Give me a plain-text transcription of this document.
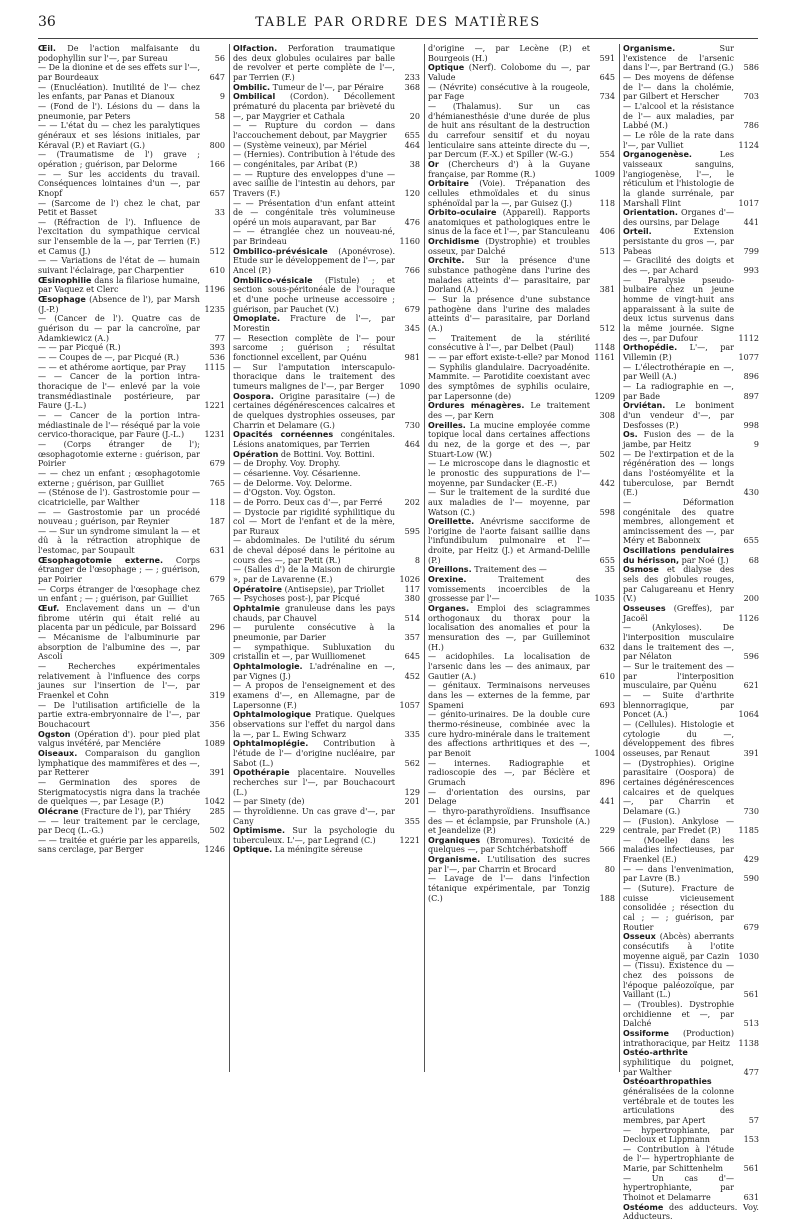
36	TABLE PAR ORDRE DES MATIÈRES
Œil. De l'action malfaisante du podophyllin sur l'—, par Sureau	56
— De la dionine et de ses effets sur l'—, par Bourdeaux	647
— (Enucléation). Inutilité de l'— chez les enfants, par Panas et Dianoux	9
— (Fond de l'). Lésions du — dans la pneumonie, par Peters	58
— — L'état du — chez les paralytiques généraux et ses lésions initiales, par Kéraval (P.) et Raviart (G.)	800
— (Traumatisme de l') grave ; opération ; guérison, par Delorme	166
— — Sur les accidents du travail. Conséquences lointaines d'un —, par Knopf	657
— (Sarcome de l') chez le chat, par Petit et Basset	33
— (Réfraction de l'). Influence de l'excitation du sympathique cervical sur l'ensemble de la —, par Terrien (F.) et Camus (J.)	512
— — Variations de l'état de — humain suivant l'éclairage, par Charpentier	610
Œsinophilie dans la filariose humaine, par Vaquez et Clerc	1196
Œsophage (Absence de l'), par Marsh (J.-P.)	1235
— (Cancer de l'). Quatre cas de guérison du — par la cancroïne, par Adamkiewicz (A.)	77
— — par Picqué (R.)	393
— — Coupes de —, par Picqué (R.)	536
— — et athérome aortique, par Pray	1115
— — Cancer de la portion intra-thoracique de l'— enlevé par la voie transmédiastinale postérieure, par Faure (J.-L.)	1221
— — Cancer de la portion intra-médiastinale de l'— réséqué par la voie cervico-thoracique, par Faure (J.-L.)	1231
— (Corps étranger de l'); œsophagotomie externe : guérison, par Poirier	679
— — chez un enfant ; œsophagotomie externe ; guérison, par Guilliet	765
— (Sténose de l'). Gastrostomie pour — cicatricielle, par Walther	118
— — Gastrostomie par un procédé nouveau ; guérison, par Reynier	187
— — Sur un syndrome simulant la — et dû à la rétraction atrophique de l'estomac, par Soupault	631
Œsophagotomie externe. Corps étranger de l'œsophage ; — ; guérison, par Poirier	679
— Corps étranger de l'œsophage chez un enfant ; — ; guérison, par Guilliet	765
Œuf. Enclavement dans un — d'un fibrome utérin qui était relié au placenta par un pédicule, par Boissard	296
— Mécanisme de l'albuminurie par absorption de l'albumine des —, par Ascoli	309
— Recherches expérimentales relativement à l'influence des corps jaunes sur l'insertion de l'—, par Fraenkel et Cohn	319
— De l'utilisation artificielle de la partie extra-embryonnaire de l'—, par Bouchacourt	356
Ogston (Opération d'). pour pied plat valgus invétéré, par Menciére	1089
Oiseaux. Comparaison du ganglion lymphatique des mammifères et des —, par Retterer	391
— Germination des spores de Sterigmatocystis nigra dans la trachée de quelques —, par Lesage (P.)	1042
Olécrane (Fracture de l'), par Thiéry	285
— — leur traitement par le cerclage, par Decq (L.-G.)	502
— — traitée et guérie par les appareils, sans cerclage, par Berger	1246
Olfaction. Perforation traumatique des deux globules oculaires par balle de revolver et perte complète de l'—, par Terrien (F.)	233
Ombilic. Tumeur de l'—, par Péraire	368
Ombilical (Cordon). Décollement prématuré du placenta par brièveté du —, par Maygrier et Cathala	20
— — Rupture du cordon — dans l'accouchement debout, par Maygrier	655
— (Système veineux), par Mériel	464
— (Hernies). Contribution à l'étude des — congénitales, par Aribat (P.)	38
— — Rupture des enveloppes d'une — avec saillie de l'intestin au dehors, par Travers (F.)	120
— — Présentation d'un enfant atteint de — congénitale très volumineuse opéré un mois auparavant, par Bar	476
— — étranglée chez un nouveau-né, par Brindeau	1160
Ombilico-prévésicale (Aponévrose). Etude sur le développement de l'—, par Ancel (P.)	766
Ombilico-vésicale (Fistule) ; et section sous-péritonéale de l'ouraque et d'une poche urineuse accessoire ; guérison, par Pauchet (V.)	679
Omoplate. Fracture de l'—, par Morestin	345
— Resection complète de l'— pour sarcome ; guérison ; résultat fonctionnel excellent, par Quénu	981
— Sur l'amputation interscapulo-thoracique dans le traitement des tumeurs malignes de l'—, par Berger	1090
Oospora. Origine parasitaire (—) de certaines dégénérescences calcaires et de quelques dystrophies osseuses, par Charrin et Delamare (G.)	730
Opacités cornéennes congénitales. Lésions anatomiques, par Terrien	464
Opération de Bottini. Voy. Bottini.
— de Drophy. Voy. Drophy.
— césarienne. Voy. Césarienne.
— de Delorme. Voy. Delorme.
— d'Ogston. Voy. Ogston.
— de Porro. Deux cas d'—, par Ferré	202
— Dystocie par rigidité syphilitique du col — Mort de l'enfant et de la mère, par Ruraux	595
— abdominales. De l'utilité du sérum de cheval déposé dans le péritoine au cours des —, par Petit (R.)	8
— (Salles d') de la Maison de chirurgie », par de Lavarenne (E.)	1026
Opératoire (Antisepsie), par Triollet	117
— Psychoses post-), par Picqué	380
Ophtalmie granuleuse dans les pays chauds, par Chauvel	514
— purulente consécutive à la pneumonie, par Darier	357
— sympathique. Subluxation du cristallin et —, par Wuilliomenet	645
Ophtalmologie. L'adrénaline en —, par Vignes (J.)	452
— A propos de l'enseignement et des examens d'—, en Allemagne, par de Lapersonne (F.)	1057
Ophtalmologique Pratique. Quelques observations sur l'effet du nargol dans la —, par L. Ewing Schwarz	335
Ophtalmoplégie. Contribution à l'étude de l'— d'origine nucléaire, par Sabot (L.)	562
Opothérapie placentaire. Nouvelles recherches sur l'—, par Bouchacourt (L.)	129
— par Sinety (de)	201
— thyroïdienne. Un cas grave d'—, par Cany	355
Optimisme. Sur la psychologie du tuberculeux. L'—, par Legrand (C.)	1221
Optique. La méningite séreuse
d'origine —, par Lecène (P.) et Bourgeois (H.)	591
Optique (Nerf). Colobome du —, par Valude	645
— (Névrite) consécutive à la rougeole, par Fage	734
— (Thalamus). Sur un cas d'hémianesthésie d'une durée de plus de huit ans résultant de la destruction du carrefour sensitif et du noyau lenticulaire sans atteinte directe du —, par Dercum (F.-X.) et Spiller (W.-G.)	554
Or (Chercheurs d') à la Guyane française, par Romme (R.)	1009
Orbitaire (Voie). Trépanation des cellules ethmoïdales et du sinus sphénoïdal par la —, par Guisez (J.)	118
Orbito-oculaire (Appareil). Rapports anatomiques et pathologiques entre le sinus de la face et l'—, par Stanculeanu	406
Orchidisme (Dystrophie) et troubles osseux, par Dalché	513
Orchite. Sur la présence d'une substance pathogène dans l'urine des malades atteints d'— parasitaire, par Dorland (A.)	381
— Sur la présence d'une substance pathogène dans l'urine des malades atteints d'— parasitaire, par Dorland (A.)	512
— Traitement de la stérilité consécutive à l'—, par Delbet (Paul)	1148
— — par effort existe-t-elle? par Monod 1161
— Syphilis glandulaire. Dacryoadénite. Mammite. — Parotidite coexistant avec des symptômes de syphilis oculaire, par Lapersonne (de)	1209
Ordures ménagères. Le traitement des —, par Kern	308
Oreilles. La mucine employée comme topique local dans certaines affections du nez, de la gorge et des —, par Stuart-Low (W.)	502
— Le microscope dans le diagnostic et le pronostic des suppurations de l'— moyenne, par Sundacker (E.-F.)	442
— Sur le traitement de la surdité due aux maladies de l'— moyenne, par Watson (C.)	598
Oreillette. Anévrisme sacciforme de l'origine de l'aorte faisant saillie dans l'infundibulum pulmonaire et l'— droite, par Heitz (J.) et Armand-Delille (P.)	655
Oreillons. Traitement des —	35
Orexine.	Traitement des vomissements incoercibles de la grossesse par l'—	1035
Organes. Emploi des sciagrammes orthogonaux du thorax pour la localisation des anomalies et pour la mensuration des —, par Guilleminot (H.)	632
— acidophiles. La localisation de l'arsenic dans les — des animaux, par Gautier (A.)	610
— génitaux. Terminaisons nerveuses dans les — externes de la femme, par Spameni	693
— génito-urinaires. De la double cure thermo-résineuse, combinée avec la cure hydro-minérale dans le traitement des affections arthritiques et des —, par Benoit	1004
— internes. Radiographie et radioscopie des —, par Béclère et Grumach	896
— d'orientation des oursins, par Delage	441
— thyro-parathyroïdiens. Insuffisance des — et éclampsie, par Frunshole (A.) et Jeandelize (P.)	229
Organiques (Bromures). Toxicité de quelques —, par Schtchérbatshoff	566
Organisme. L'utilisation des sucres par l'—, par Charrin et Brocard	80
— Lavage de l'— dans l'infection tétanique expérimentale, par Tonzig (C.)	188
Organisme.	Sur l'existence de l'arsenic dans l'—, par Bertrand (G.)	586
— Des moyens de défense de l'— dans la cholémie, par Gilbert et Herscher	703
— L'alcool et la résistance de l'— aux maladies, par Labbé (M.)	786
— Le rôle de la rate dans l'—, par Vulliet	1124
Organogenèse.	Les vaisseaux sanguins, l'angiogenèse, l'—, le réticulum et l'histologie de la glande surrénale, par Marshall Flint	1017
Orientation. Organes d'— des oursins, par Delage	441
Orteil.	Extension persistante du gros —, par Pabeas	799
— Gracilité des doigts et des —, par Achard	993
— Paralysie pseudo-bulbaire chez un jeune homme de vingt-huit ans apparaissant à la suite de deux ictus survenus dans la même journée. Signe des —, par Dufour	1112
Orthopédie. L'—, par Villemin (P.)	1077
— L'électrothérapie en —, par Weill (A.)	896
— La radiographie en —, par Bade	897
Orviétan. Le boniment d'un vendeur d'—, par Desfosses (P.)	998
Os. Fusion des — de la jambe, par Heitz	9
— De l'extirpation et de la régénération des — longs dans l'ostéomyélite et la tuberculose, par Berndt (E.)	430
— Déformation congénitale des quatre membres, allongement et amincissement des —, par Méry et Babonneix	655
Oscillations pendulaires du hérisson, par Noé (J.)	68
Osmose et dialyse des sels des globules rouges, par Calugareanu et Henry (V.)	200
Osseuses (Greffes), par Jacoël	1126
— (Ankyloses). De l'interposition musculaire dans le traitement des —, par Nélaton	596
— Sur le traitement des — par l'interposition musculaire, par Quénu	621
— — Suite d'arthrite blennorragique, par Poncet (A.)	1064
— (Cellules). Histologie et cytologie du —, développement des fibres osseuses, par Renaut	391
— (Dystrophies). Origine parasitaire (Oospora) de certaines dégénérescences calcaires et de quelques —, par Charrin et Delamare (G.)	730
— (Fusion). Ankylose — centrale, par Fredet (P.)	1185
— (Moelle) dans les maladies infectieuses, par Fraenkel (E.)	429
— — dans l'envenimation, par Lavre (B.)	590
— (Suture). Fracture de cuisse vicieusement consolidée ; résection du cal ; — ; guérison, par Routier	679
Osseux (Abcès) aberrants consécutifs à l'otite moyenne aiguë, par Cazin	1030
— (Tissu). Existence du — chez des poissons de l'époque paléozoïque, par Vaillant (L.)	561
— (Troubles). Dystrophie orchidienne et —, par Dalché	513
Ossiforme (Production) intrathoracique, par Heitz	1138
Ostéo-arthrite syphilitique du poignet, par Walther	477
Ostéoarthropathies généralisées de la colonne vertébrale et de toutes les articulations des membres, par Apert	57
— hypertrophiante, par Decloux et Lippmann	153
— Contribution à l'étude de l'— hypertrophiante de Marie, par Schittenhelm	561
— Un cas d'— hypertrophiante, par Thoinot et Delamarre	631
Ostéome des adducteurs. Voy. Adducteurs.
